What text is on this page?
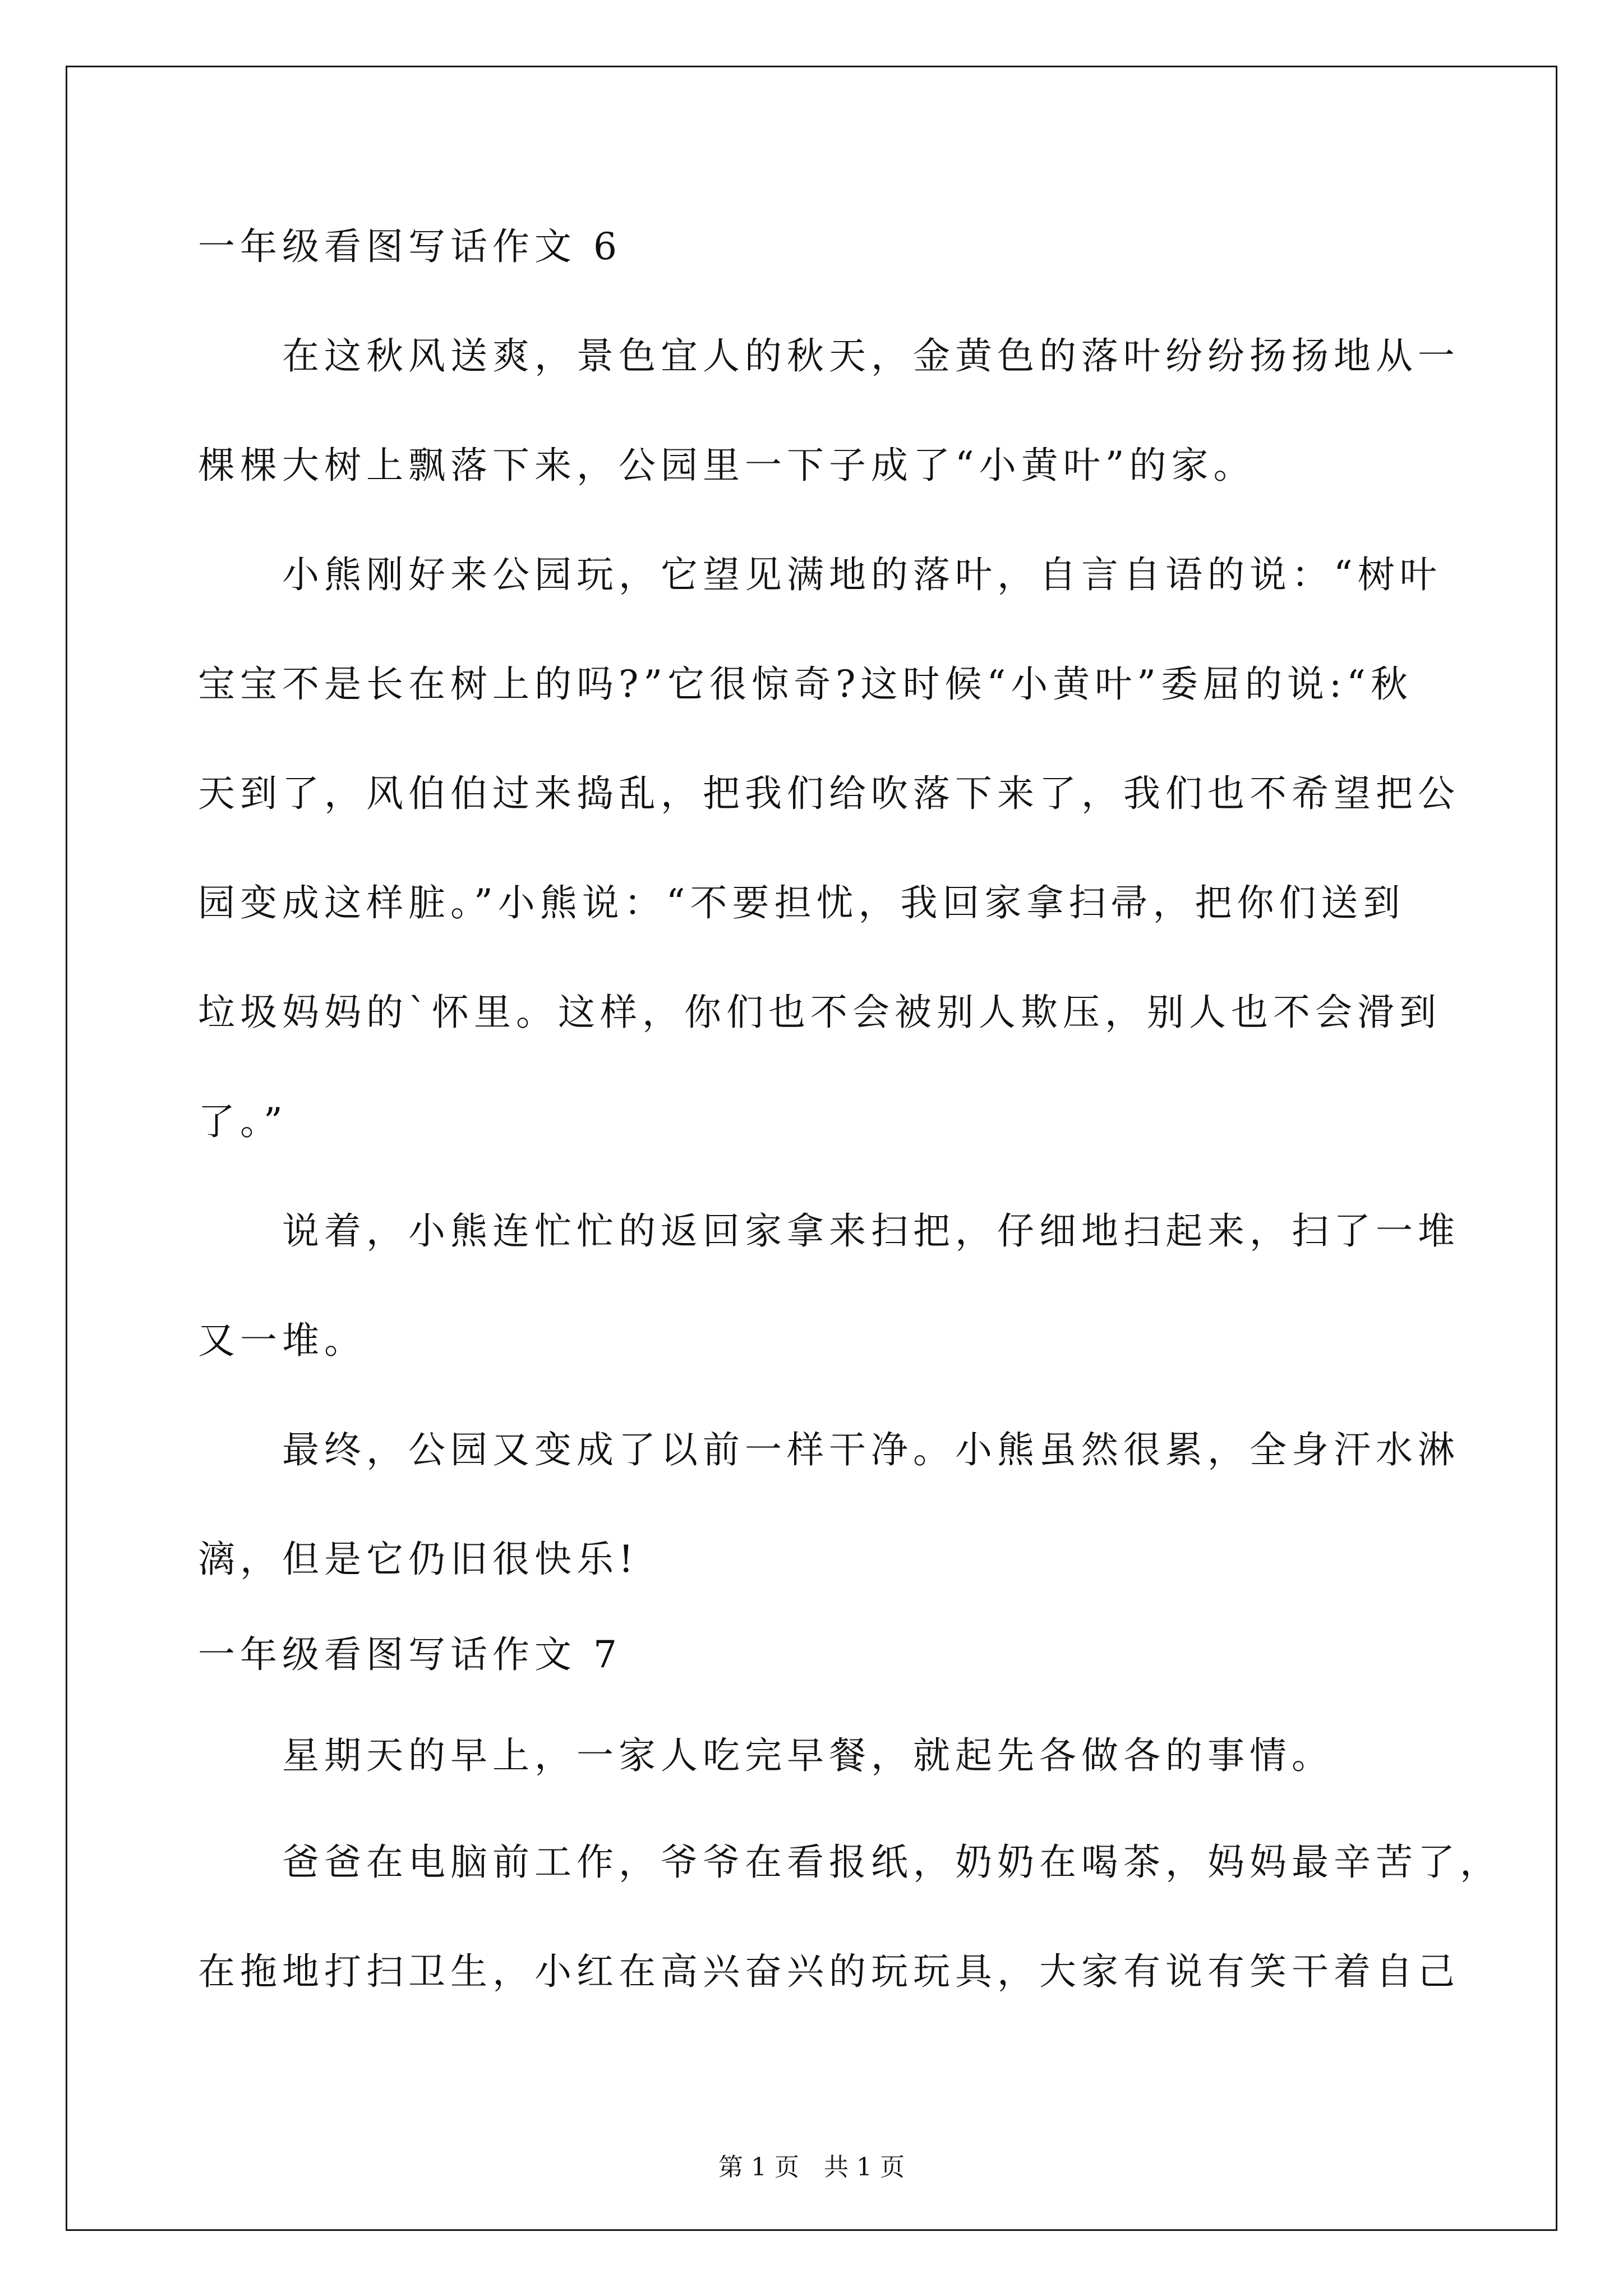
一年级看图写话作文 6
在这秋风送爽，景色宜人的秋天，金黄色的落叶纷纷扬扬地从一
棵棵大树上飘落下来，公园里一下子成了“小黄叶”的家。
小熊刚好来公园玩，它望见满地的落叶，自言自语的说：“树叶
宝宝不是长在树上的吗?”它很惊奇?这时候“小黄叶”委屈的说:“秋
天到了，风伯伯过来捣乱，把我们给吹落下来了，我们也不希望把公
园变成这样脏。”小熊说：“不要担忧，我回家拿扫帚，把你们送到
垃圾妈妈的`怀里。这样，你们也不会被别人欺压，别人也不会滑到
了。”
说着，小熊连忙忙的返回家拿来扫把，仔细地扫起来，扫了一堆
又一堆。
最终，公园又变成了以前一样干净。小熊虽然很累，全身汗水淋
漓，但是它仍旧很快乐!
一年级看图写话作文 7
星期天的早上，一家人吃完早餐，就起先各做各的事情。
爸爸在电脑前工作，爷爷在看报纸，奶奶在喝茶，妈妈最辛苦了，
在拖地打扫卫生，小红在高兴奋兴的玩玩具，大家有说有笑干着自己
第 1 页　共 1 页
